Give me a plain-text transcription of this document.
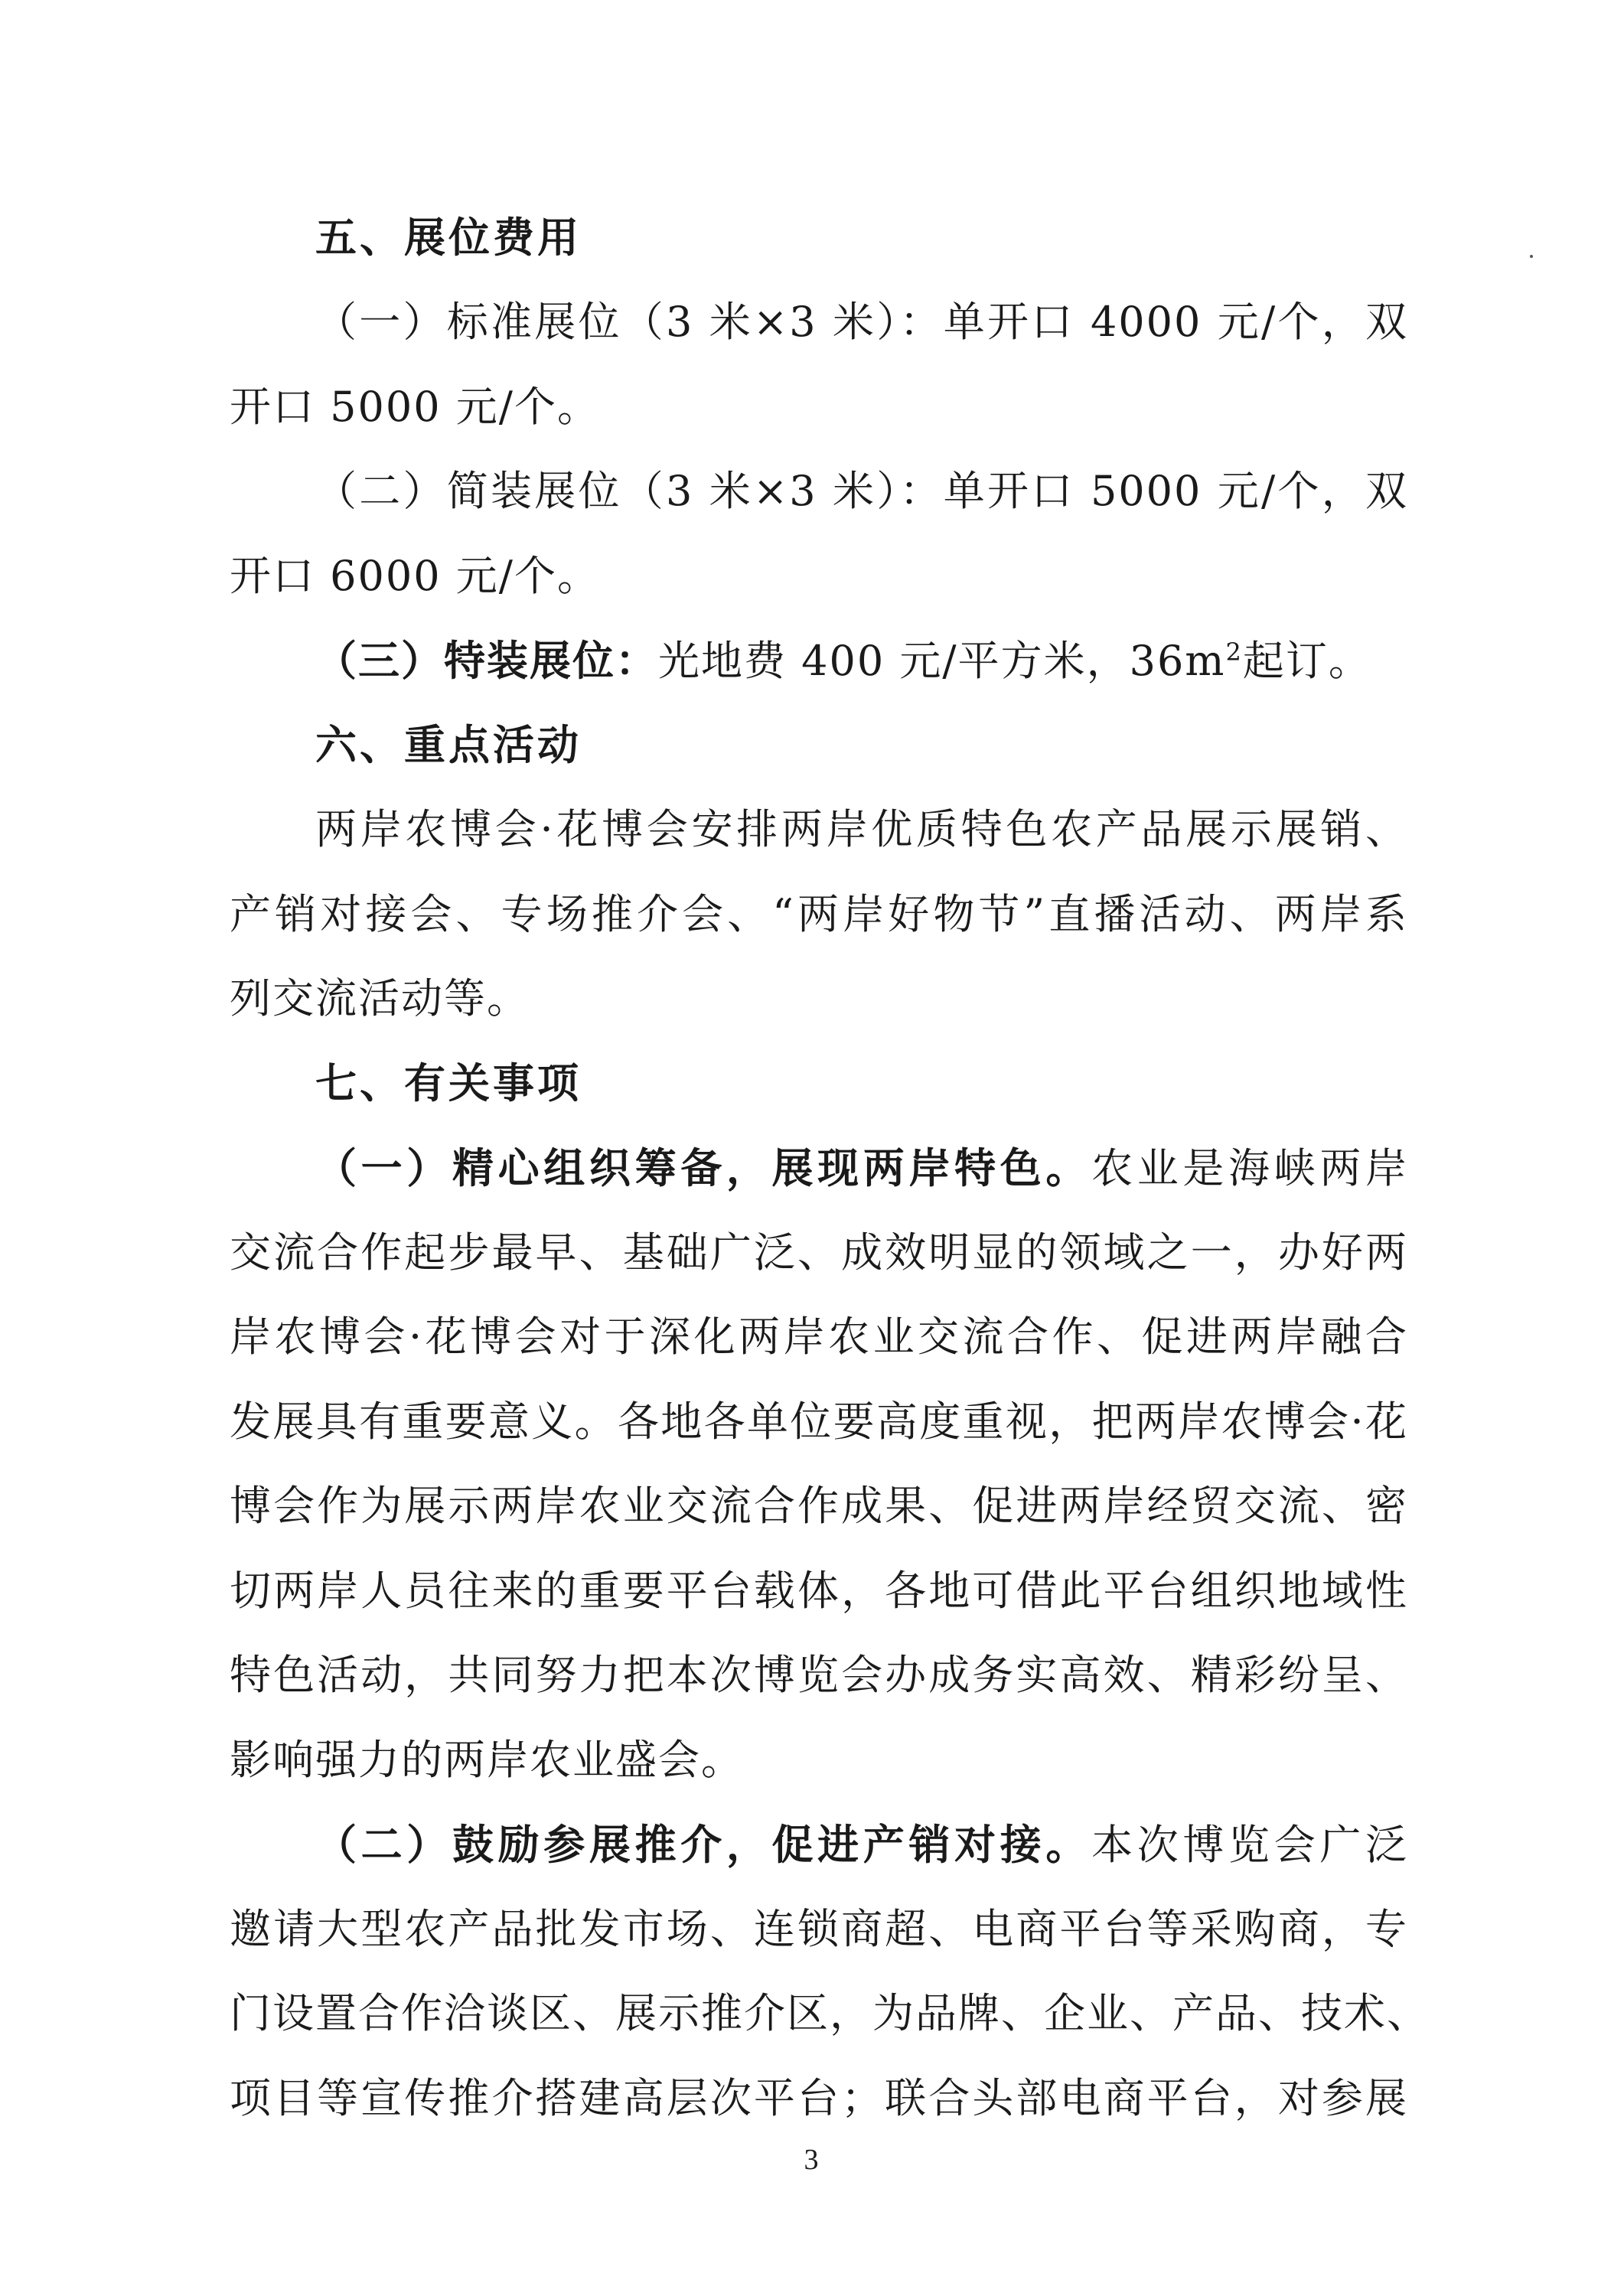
五、展位费用
（一）标准展位（3 米×3 米）：单开口 4000 元/个，双
开口 5000 元/个。
（二）简装展位（3 米×3 米）：单开口 5000 元/个，双
开口 6000 元/个。
（三）特装展位：光地费 400 元/平方米，$36m^2$起订。
六、重点活动
两岸农博会·花博会安排两岸优质特色农产品展示展销、
产销对接会、专场推介会、“两岸好物节”直播活动、两岸系
列交流活动等。
七、有关事项
（一）精心组织筹备，展现两岸特色。农业是海峡两岸
交流合作起步最早、基础广泛、成效明显的领域之一，办好两
岸农博会·花博会对于深化两岸农业交流合作、促进两岸融合
发展具有重要意义。各地各单位要高度重视，把两岸农博会·花
博会作为展示两岸农业交流合作成果、促进两岸经贸交流、密
切两岸人员往来的重要平台载体，各地可借此平台组织地域性
特色活动，共同努力把本次博览会办成务实高效、精彩纷呈、
影响强力的两岸农业盛会。
（二）鼓励参展推介，促进产销对接。本次博览会广泛
邀请大型农产品批发市场、连锁商超、电商平台等采购商，专
门设置合作洽谈区、展示推介区，为品牌、企业、产品、技术、
项目等宣传推介搭建高层次平台；联合头部电商平台，对参展
3
